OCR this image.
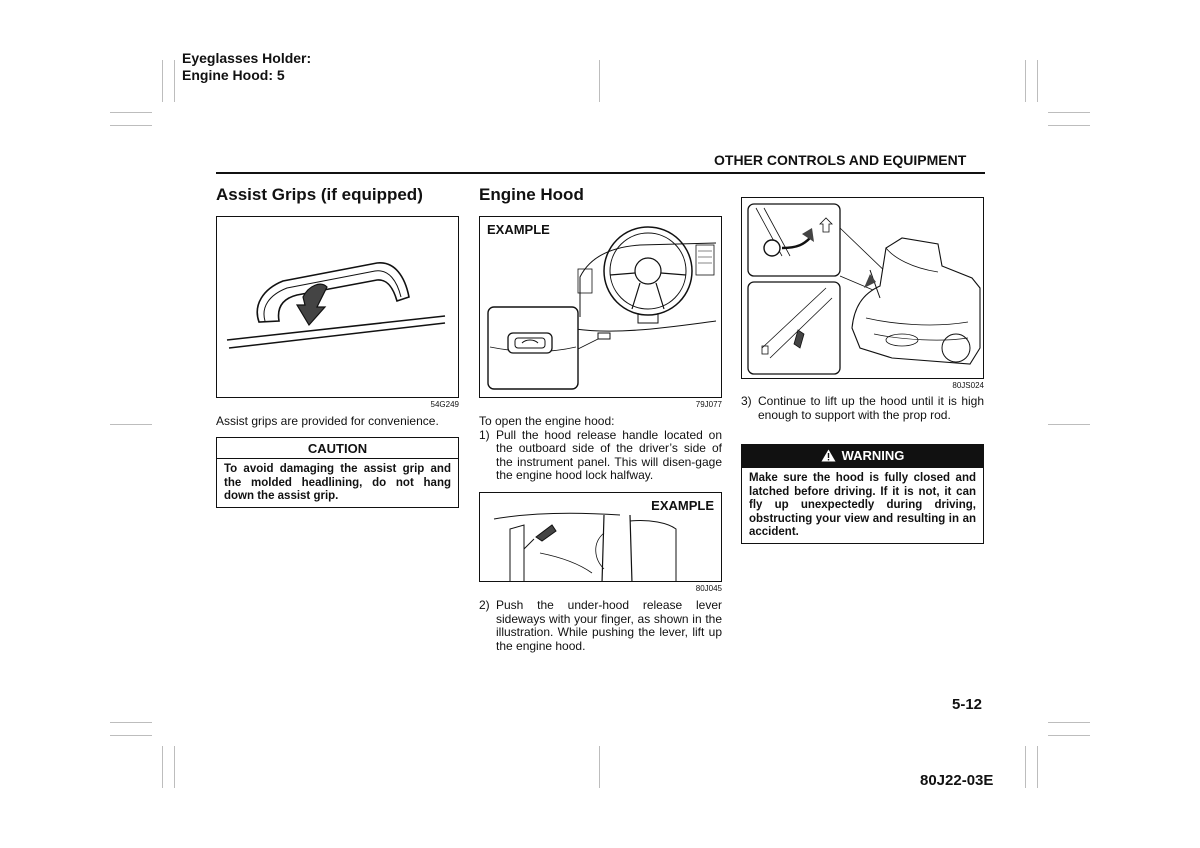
Eyeglasses Holder:
Engine Hood: 5
OTHER CONTROLS AND EQUIPMENT
Assist Grips (if equipped)
54G249
Assist grips are provided for convenience.
CAUTION
To avoid damaging the assist grip and the molded headlining, do not hang down the assist grip.
Engine Hood
EXAMPLE
79J077
To open the engine hood:
1) Pull the hood release handle located on the outboard side of the driver’s side of the instrument panel. This will disen-gage the engine hood lock halfway.
EXAMPLE
80J045
2) Push the under-hood release lever sideways with your finger, as shown in the illustration. While pushing the lever, lift up the engine hood.
80JS024
3) Continue to lift up the hood until it is high enough to support with the prop rod.
WARNING
Make sure the hood is fully closed and latched before driving. If it is not, it can fly up unexpectedly during driving, obstructing your view and resulting in an accident.
5-12
80J22-03E
